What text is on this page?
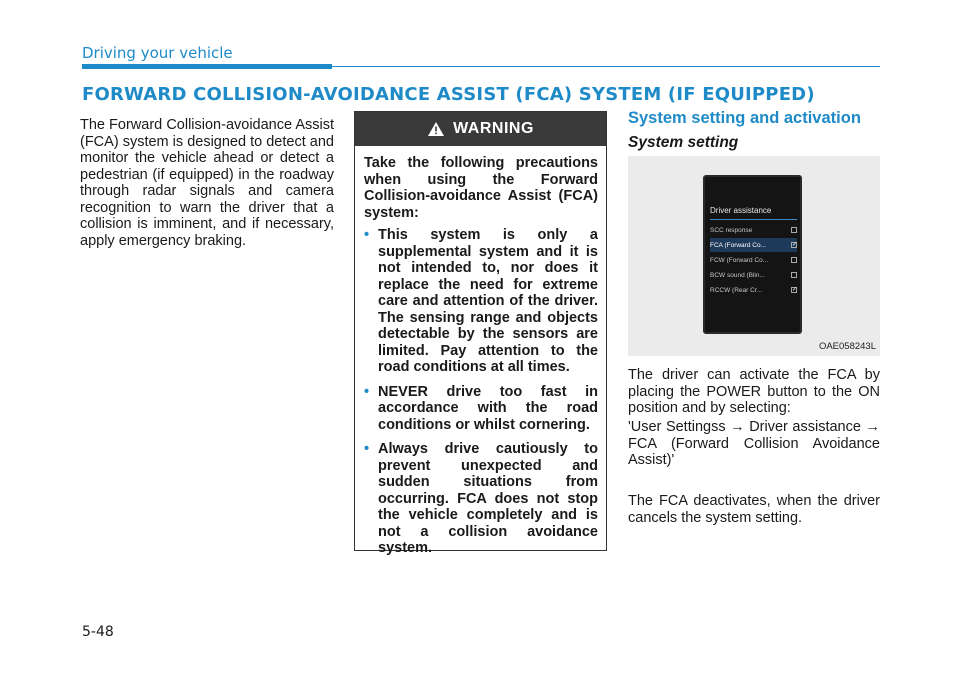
Driving your vehicle
FORWARD COLLISION-AVOIDANCE ASSIST (FCA) SYSTEM (IF EQUIPPED)

The Forward Collision-avoidance Assist (FCA) system is designed to detect and monitor the vehicle ahead or detect a pedestrian (if equipped) in the roadway through radar signals and camera recognition to warn the driver that a collision is imminent, and if necessary, apply emergency braking.

WARNING

Take the following precautions when using the Forward Collision-avoidance Assist (FCA) system:

• This system is only a supplemental system and it is not intended to, nor does it replace the need for extreme care and attention of the driver. The sensing range and objects detectable by the sensors are limited. Pay attention to the road conditions at all times.
• NEVER drive too fast in accordance with the road conditions or whilst cornering.
• Always drive cautiously to prevent unexpected and sudden situations from occurring. FCA does not stop the vehicle completely and is not a collision avoidance system.
System setting and activation
System setting
Driver assistance
SCC response
FCA (Forward Co...	✓
FCW (Forward Co...
BCW sound (Blin...
RCCW (Rear Cr...	✓
OAE058243L

The driver can activate the FCA by placing the POWER button to the ON position and by selecting:

'User Settingss → Driver assistance → FCA (Forward Collision Avoidance Assist)'

The FCA deactivates, when the driver cancels the system setting.

5-48
